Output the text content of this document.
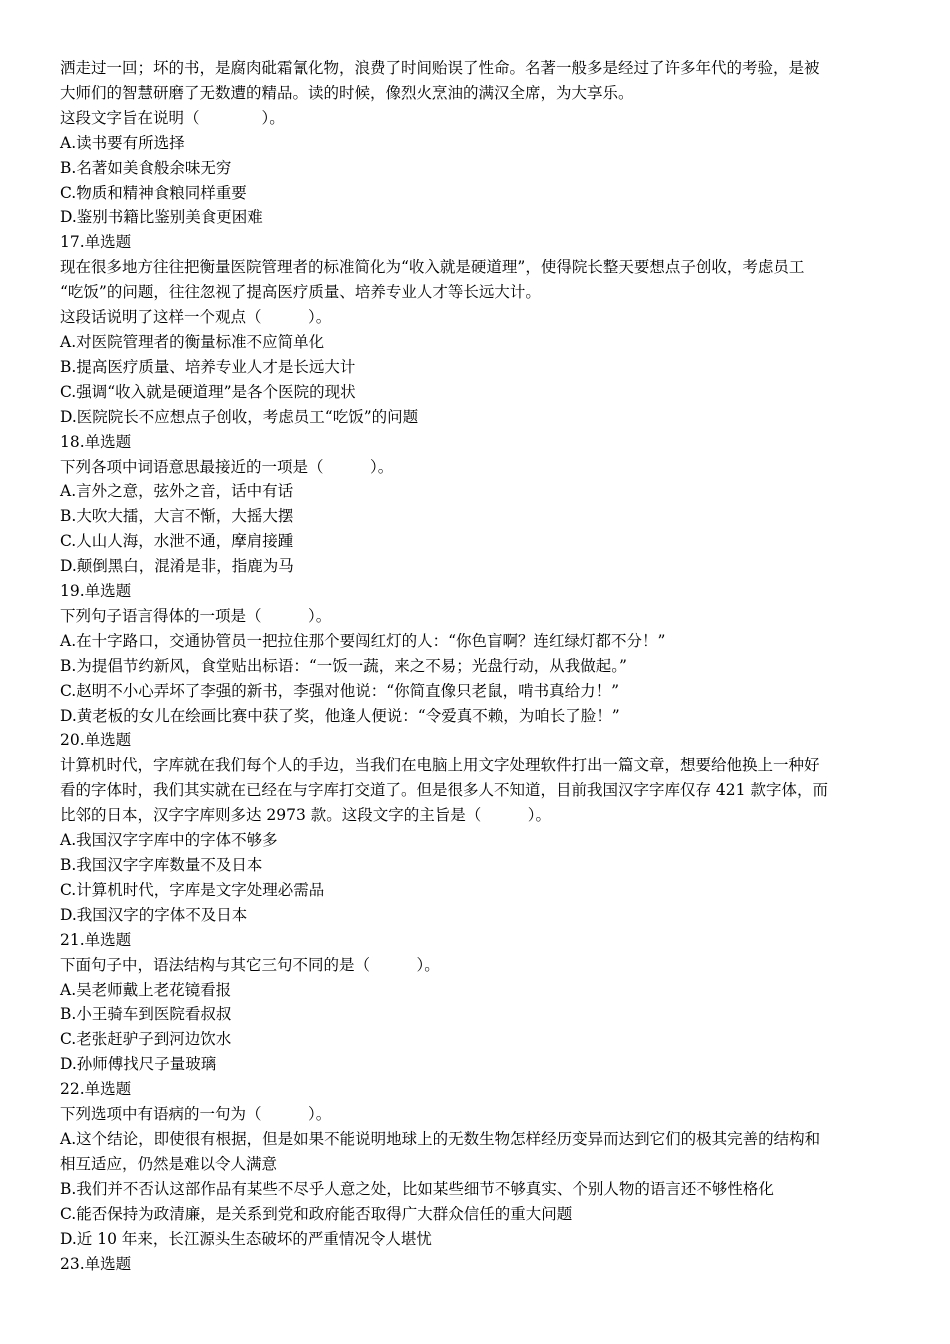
洒走过一回；坏的书，是腐肉砒霜氰化物，浪费了时间贻误了性命。名著一般多是经过了许多年代的考验，是被

大师们的智慧研磨了无数遭的精品。读的时候，像烈火烹油的满汉全席，为大享乐。

这段文字旨在说明（　　　　）。

A.读书要有所选择

B.名著如美食般余味无穷

C.物质和精神食粮同样重要

D.鉴别书籍比鉴别美食更困难

17.单选题

现在很多地方往往把衡量医院管理者的标准简化为“收入就是硬道理”，使得院长整天要想点子创收，考虑员工

“吃饭”的问题，往往忽视了提高医疗质量、培养专业人才等长远大计。

这段话说明了这样一个观点（　　　）。

A.对医院管理者的衡量标准不应简单化

B.提高医疗质量、培养专业人才是长远大计

C.强调“收入就是硬道理”是各个医院的现状

D.医院院长不应想点子创收，考虑员工“吃饭”的问题

18.单选题

下列各项中词语意思最接近的一项是（　　　）。

A.言外之意，弦外之音，话中有话

B.大吹大擂，大言不惭，大摇大摆

C.人山人海，水泄不通，摩肩接踵

D.颠倒黑白，混淆是非，指鹿为马

19.单选题

下列句子语言得体的一项是（　　　）。

A.在十字路口，交通协管员一把拉住那个要闯红灯的人：“你色盲啊？连红绿灯都不分！”

B.为提倡节约新风，食堂贴出标语：“一饭一蔬，来之不易；光盘行动，从我做起。”

C.赵明不小心弄坏了李强的新书，李强对他说：“你简直像只老鼠，啃书真给力！”

D.黄老板的女儿在绘画比赛中获了奖，他逢人便说：“令爱真不赖，为咱长了脸！”

20.单选题

计算机时代，字库就在我们每个人的手边，当我们在电脑上用文字处理软件打出一篇文章，想要给他换上一种好

看的字体时，我们其实就在已经在与字库打交道了。但是很多人不知道，目前我国汉字字库仅存 421 款字体，而

比邻的日本，汉字字库则多达 2973 款。这段文字的主旨是（　　　）。

A.我国汉字字库中的字体不够多

B.我国汉字字库数量不及日本

C.计算机时代，字库是文字处理必需品

D.我国汉字的字体不及日本

21.单选题

下面句子中，语法结构与其它三句不同的是（　　　）。

A.吴老师戴上老花镜看报

B.小王骑车到医院看叔叔

C.老张赶驴子到河边饮水

D.孙师傅找尺子量玻璃

22.单选题

下列选项中有语病的一句为（　　　）。

A.这个结论，即使很有根据，但是如果不能说明地球上的无数生物怎样经历变异而达到它们的极其完善的结构和

相互适应，仍然是难以令人满意

B.我们并不否认这部作品有某些不尽乎人意之处，比如某些细节不够真实、个别人物的语言还不够性格化

C.能否保持为政清廉，是关系到党和政府能否取得广大群众信任的重大问题

D.近 10 年来，长江源头生态破坏的严重情况令人堪忧

23.单选题
